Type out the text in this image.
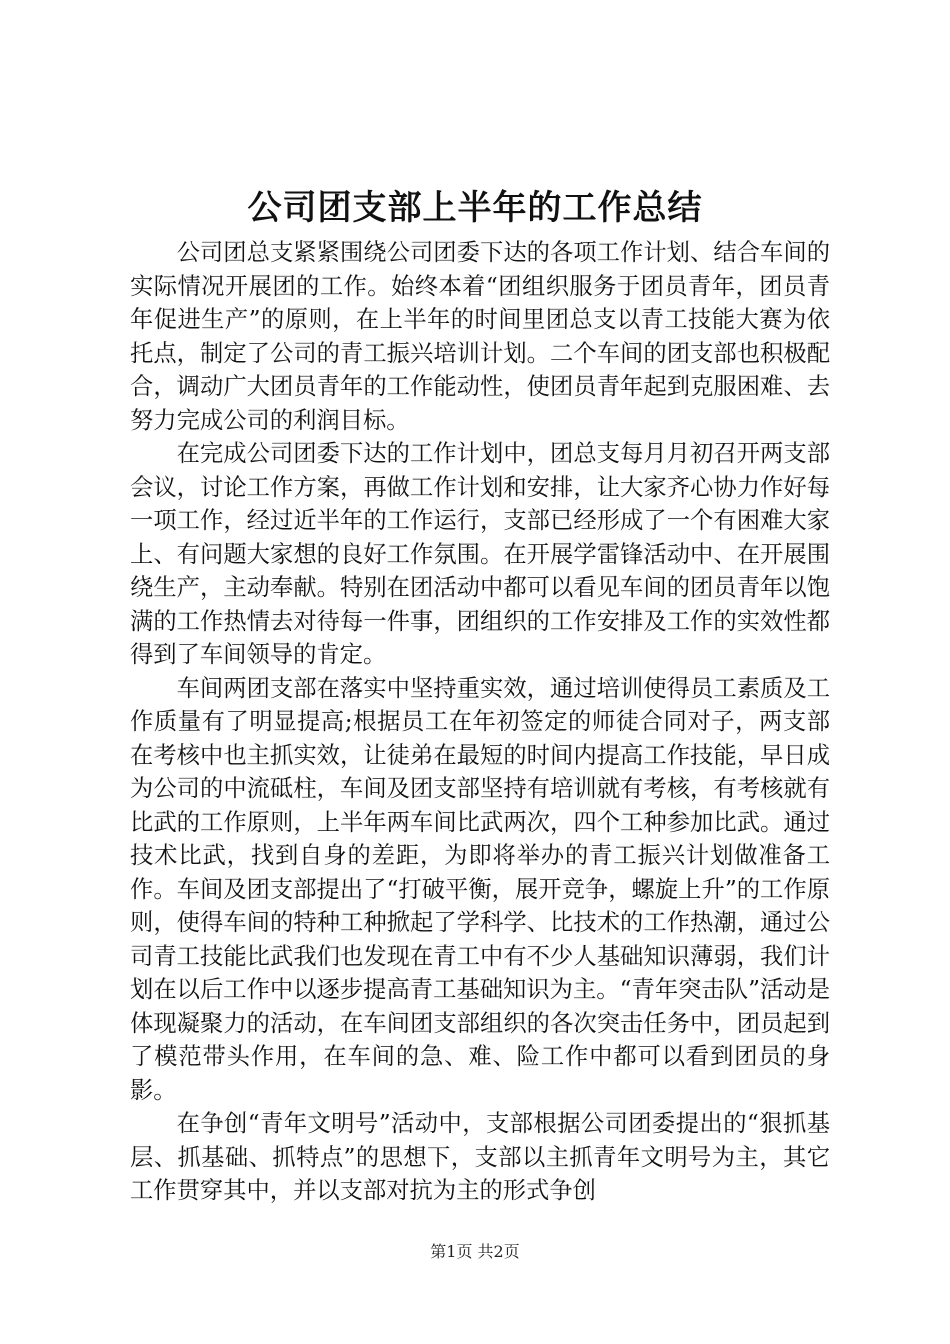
公司团支部上半年的工作总结

公司团总支紧紧围绕公司团委下达的各项工作计划、结合车间的实际情况开展团的工作。始终本着“团组织服务于团员青年，团员青年促进生产”的原则，在上半年的时间里团总支以青工技能大赛为依托点，制定了公司的青工振兴培训计划。二个车间的团支部也积极配合，调动广大团员青年的工作能动性，使团员青年起到克服困难、去努力完成公司的利润目标。

在完成公司团委下达的工作计划中，团总支每月月初召开两支部会议，讨论工作方案，再做工作计划和安排，让大家齐心协力作好每一项工作，经过近半年的工作运行，支部已经形成了一个有困难大家上、有问题大家想的良好工作氛围。在开展学雷锋活动中、在开展围绕生产，主动奉献。特别在团活动中都可以看见车间的团员青年以饱满的工作热情去对待每一件事，团组织的工作安排及工作的实效性都得到了车间领导的肯定。

车间两团支部在落实中坚持重实效，通过培训使得员工素质及工作质量有了明显提高;根据员工在年初签定的师徒合同对子，两支部在考核中也主抓实效，让徒弟在最短的时间内提高工作技能，早日成为公司的中流砥柱，车间及团支部坚持有培训就有考核，有考核就有比武的工作原则，上半年两车间比武两次，四个工种参加比武。通过技术比武，找到自身的差距，为即将举办的青工振兴计划做准备工作。车间及团支部提出了“打破平衡，展开竞争，螺旋上升”的工作原则，使得车间的特种工种掀起了学科学、比技术的工作热潮，通过公司青工技能比武我们也发现在青工中有不少人基础知识薄弱，我们计划在以后工作中以逐步提高青工基础知识为主。“青年突击队”活动是体现凝聚力的活动，在车间团支部组织的各次突击任务中，团员起到了模范带头作用，在车间的急、难、险工作中都可以看到团员的身影。

在争创“青年文明号”活动中，支部根据公司团委提出的“狠抓基层、抓基础、抓特点”的思想下，支部以主抓青年文明号为主，其它工作贯穿其中，并以支部对抗为主的形式争创

第1页 共2页
